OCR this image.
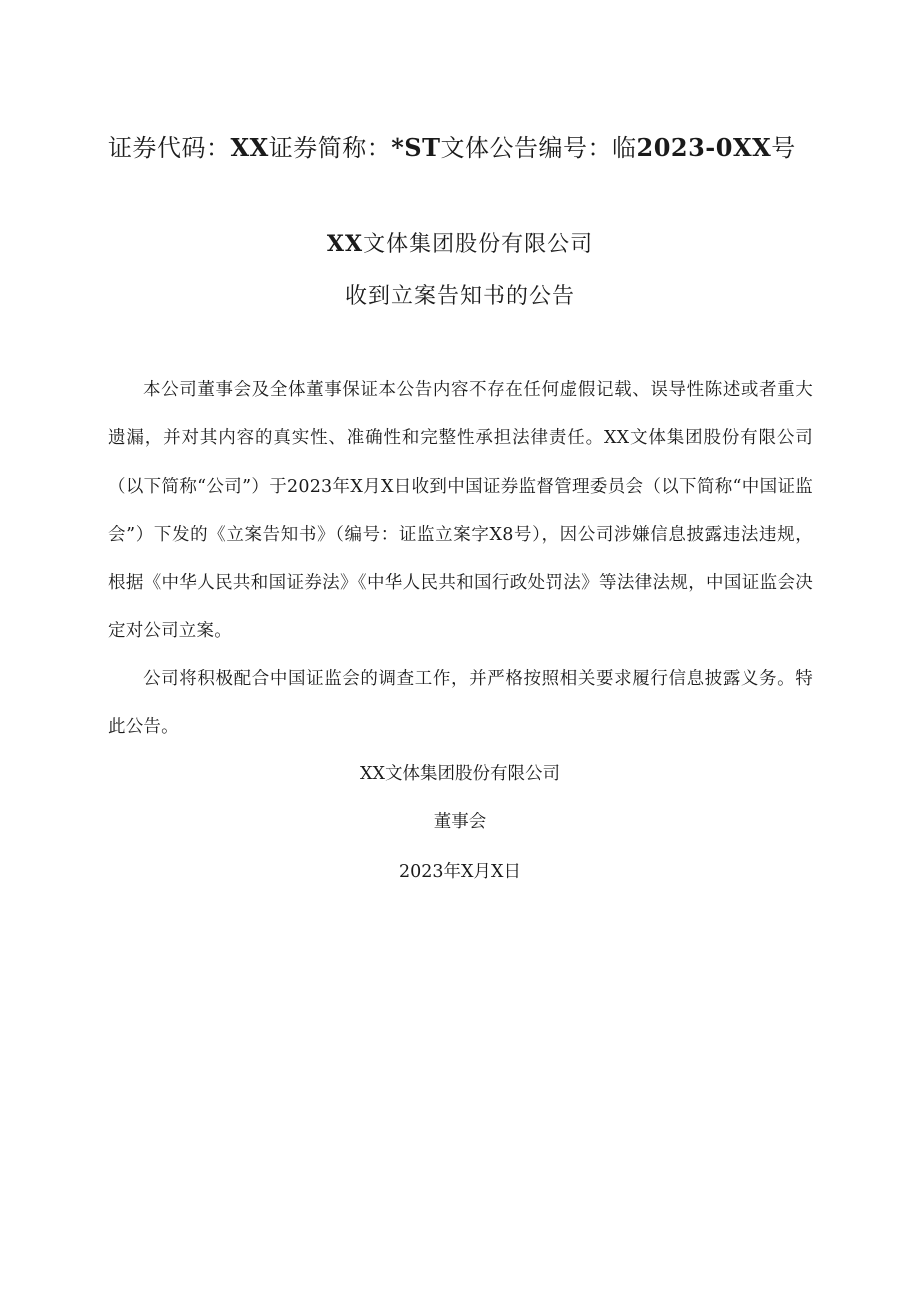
证券代码：XX证券简称：*ST文体公告编号：临2023-0XX号
XX文体集团股份有限公司
收到立案告知书的公告
本公司董事会及全体董事保证本公告内容不存在任何虚假记载、误导性陈述或者重大遗漏，并对其内容的真实性、准确性和完整性承担法律责任。XX文体集团股份有限公司（以下简称“公司”）于2023年X月X日收到中国证券监督管理委员会（以下简称“中国证监会”）下发的《立案告知书》（编号：证监立案字X8号），因公司涉嫌信息披露违法违规，根据《中华人民共和国证券法》《中华人民共和国行政处罚法》等法律法规，中国证监会决定对公司立案。
公司将积极配合中国证监会的调查工作，并严格按照相关要求履行信息披露义务。特此公告。
XX文体集团股份有限公司
董事会
2023年X月X日
